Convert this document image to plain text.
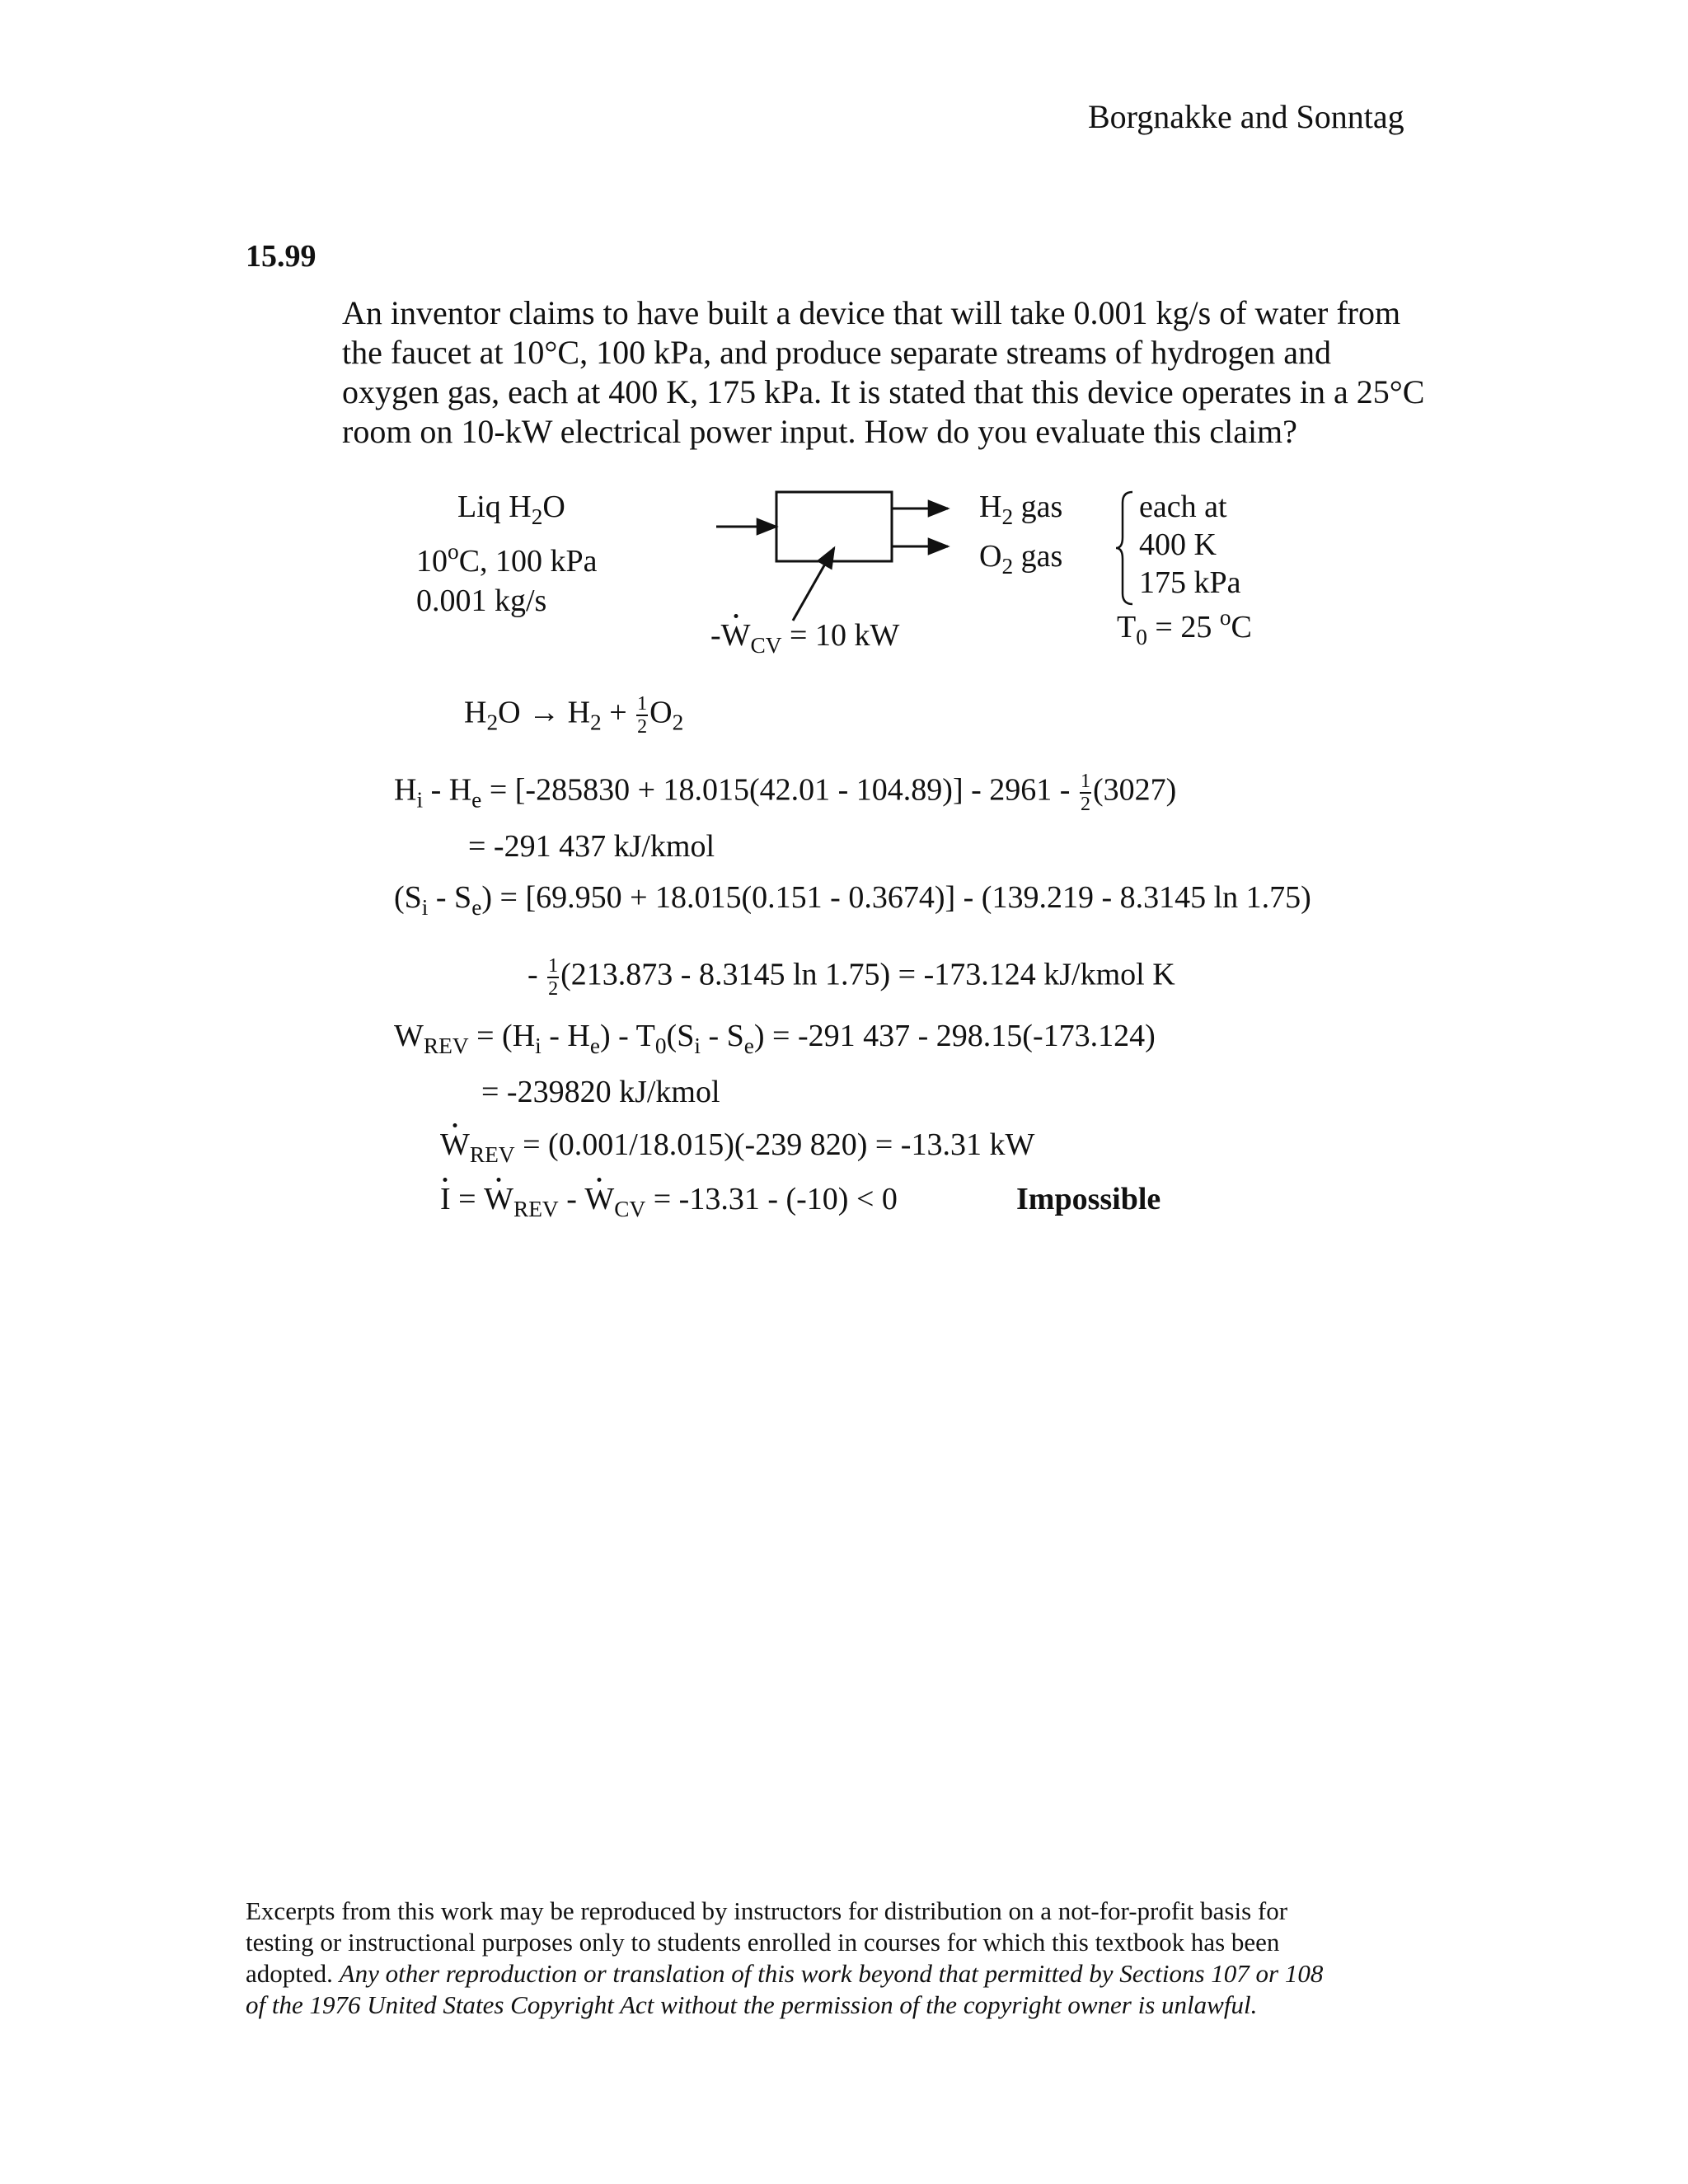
Borgnakke and Sonntag
15.99
An inventor claims to have built a device that will take 0.001 kg/s of water from
the faucet at 10°C, 100 kPa, and produce separate streams of hydrogen and
oxygen gas, each at 400 K, 175 kPa. It is stated that this device operates in a 25°C
room on 10-kW electrical power input. How do you evaluate this claim?
Liq $H_2O$
10$^o$C, 100 kPa
0.001 kg/s
$H_2$ gas
$O_2$ gas
each at
400 K
175 kPa
$T_0 = 25$ $^o$C
$-W_{CV} = 10$ kW
$H_2O \to H_2 + \frac{1}{2} O_2$
$H_i - H_e = [-285830 + 18.015(42.01 - 104.89)] - 2961 - \frac{1}{2} (3027)$
= -291 437 kJ/kmol
$(S_i - S_e) = [69.950 + 18.015(0.151 - 0.3674)] - (139.219 - 8.3145$ ln 1.75)
- $\frac{1}{2} (213.873 - 8.3145$ ln 1.75) = -173.124 kJ/kmol K
$W_{REV} = (H_i - H_e) - T_0(S_i - S_e) = -291$ 437 - 298.15(-173.124)
= -239820 kJ/kmol
$W_{REV} = (0.001/18.015)(-239$ 820) = -13.31 kW
$I = W_{REV} - W_{CV} = -13.31 - (-10) < 0$	Impossible
Excerpts from this work may be reproduced by instructors for distribution on a not-for-profit basis for
testing or instructional purposes only to students enrolled in courses for which this textbook has been
adopted. Any other reproduction or translation of this work beyond that permitted by Sections 107 or 108
of the 1976 United States Copyright Act without the permission of the copyright owner is unlawful.
